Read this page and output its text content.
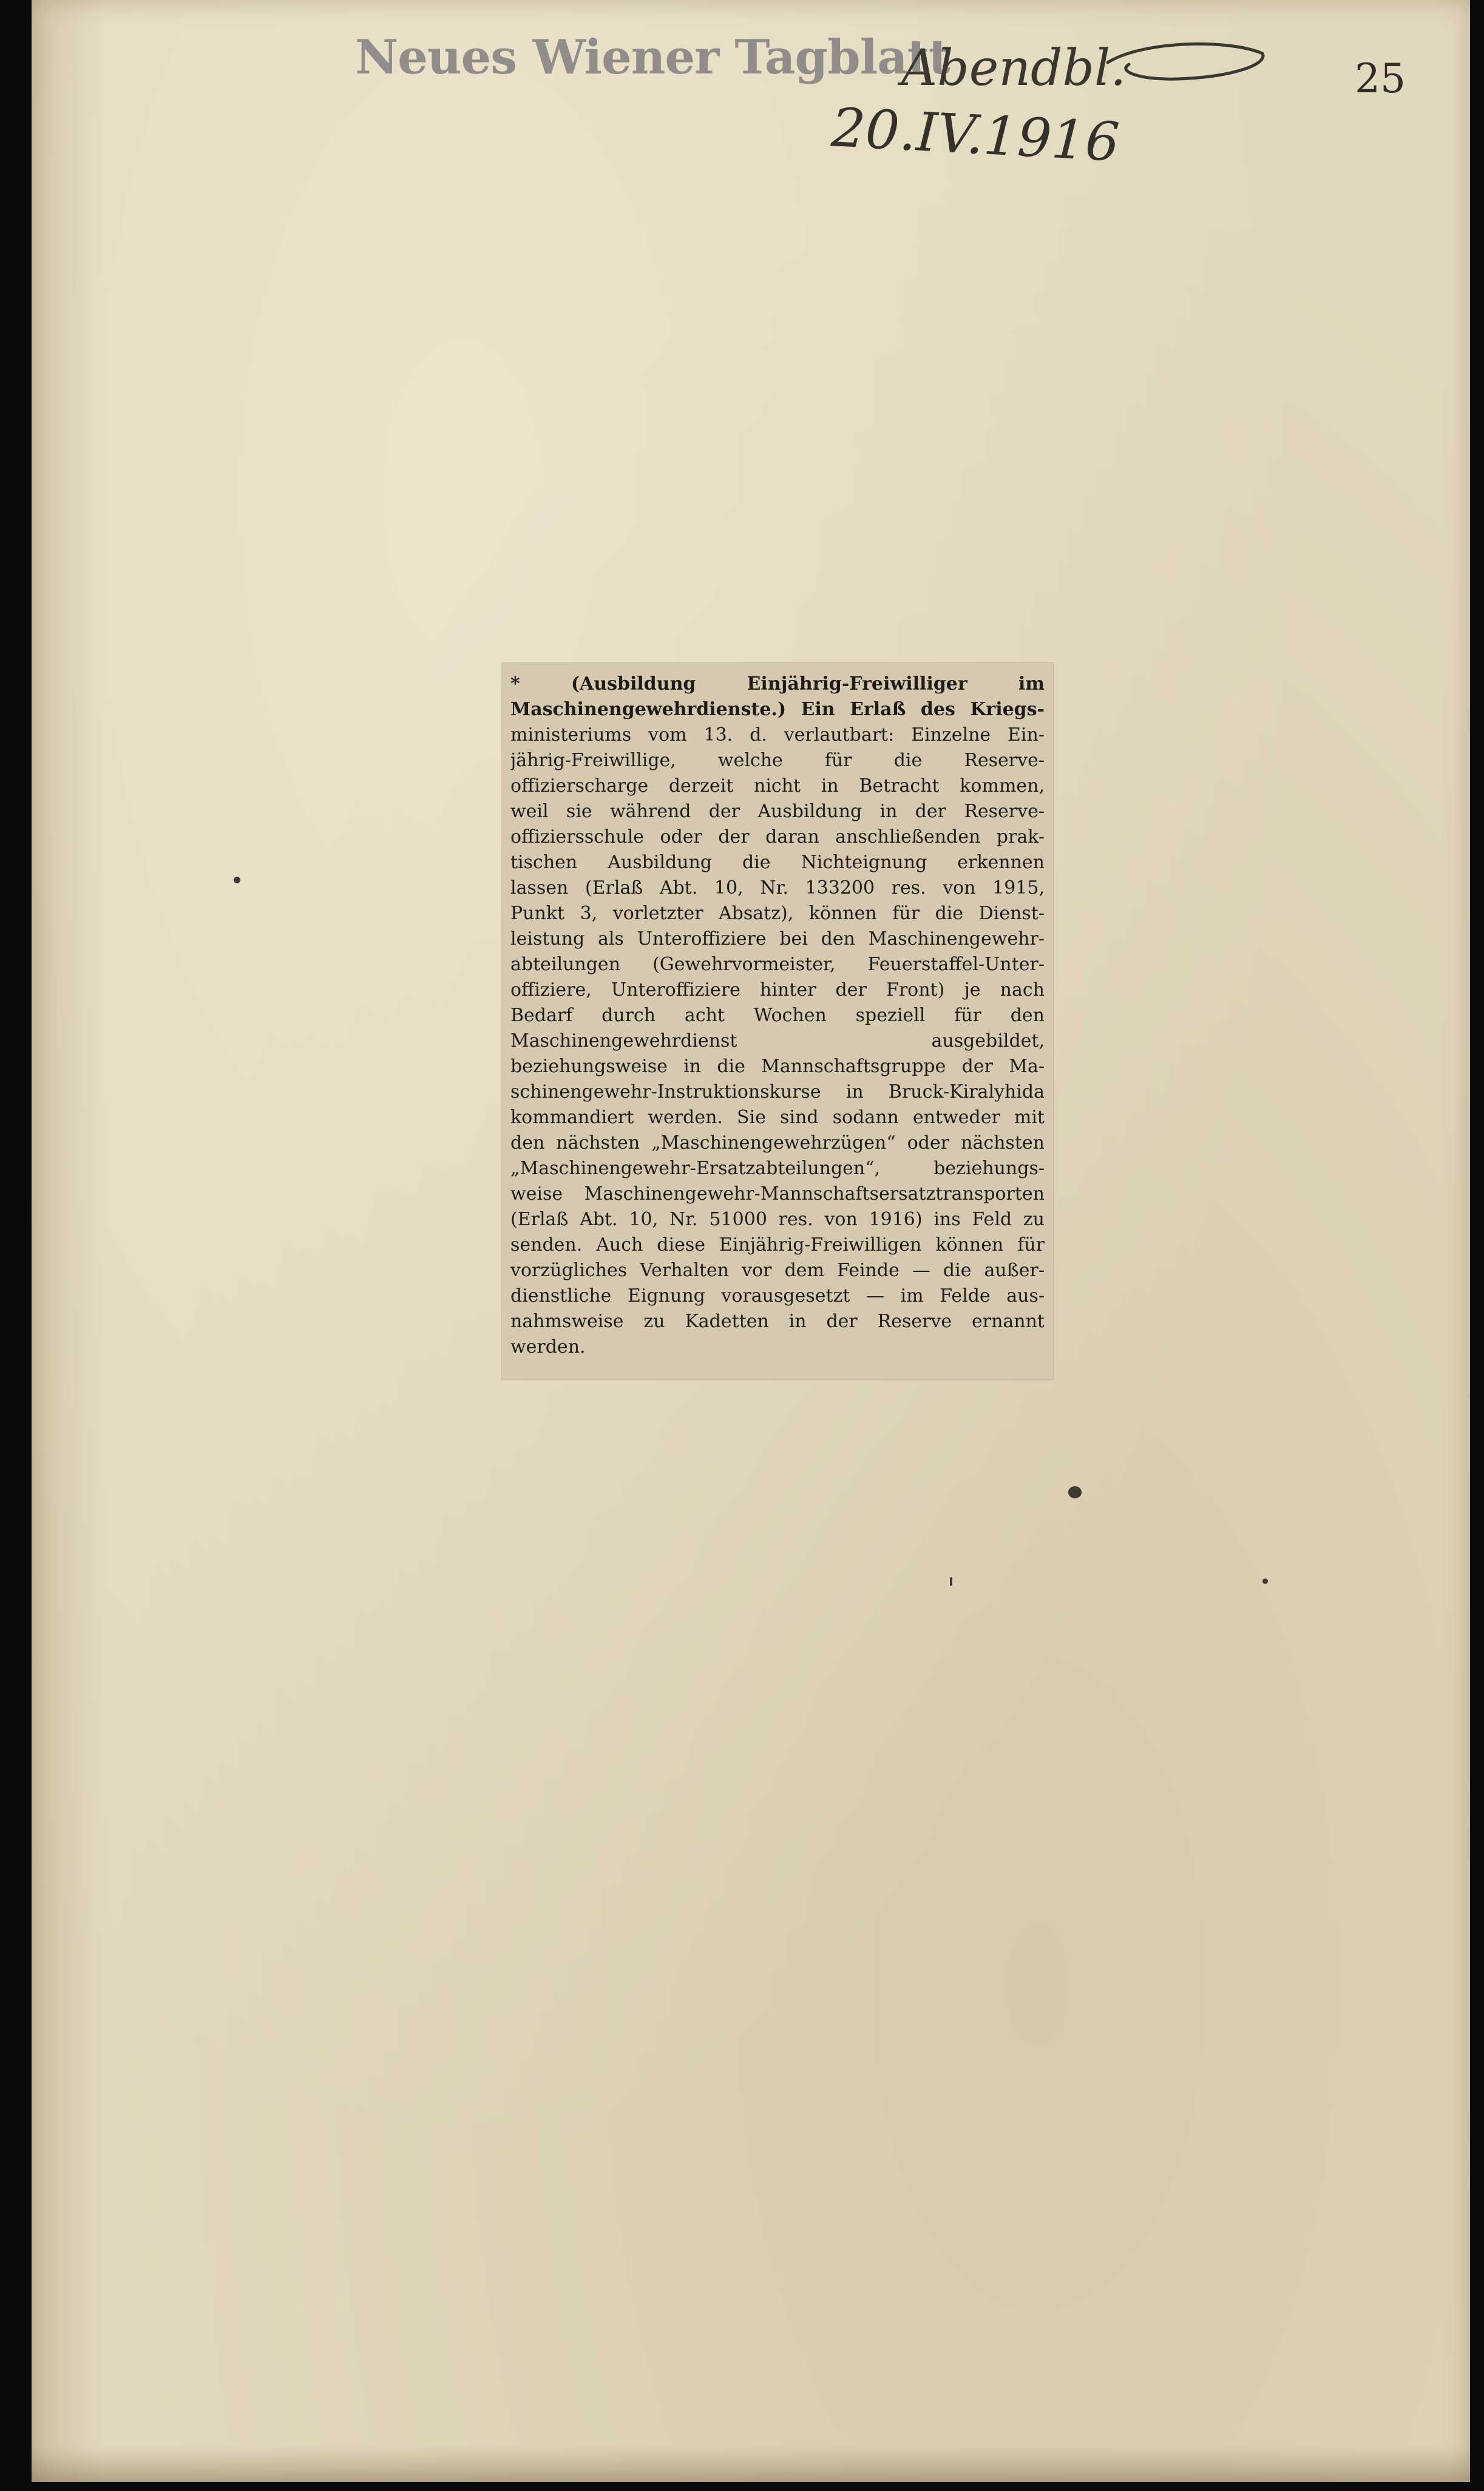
Neues Wiener Tagblatt
Abendbl.
20.IV.1916
25
* (Ausbildung Einjährig-Freiwilliger im
Maschinengewehrdienste.) Ein Erlaß des Kriegs-
ministeriums vom 13. d. verlautbart: Einzelne Ein-
jährig-Freiwillige, welche für die Reserve-
offizierscharge derzeit nicht in Betracht kommen,
weil sie während der Ausbildung in der Reserve-
offiziersschule oder der daran anschließenden prak-
tischen Ausbildung die Nichteignung erkennen
lassen (Erlaß Abt. 10, Nr. 133200 res. von 1915,
Punkt 3, vorletzter Absatz), können für die Dienst-
leistung als Unteroffiziere bei den Maschinengewehr-
abteilungen (Gewehrvormeister, Feuerstaffel-Unter-
offiziere, Unteroffiziere hinter der Front) je nach
Bedarf durch acht Wochen speziell für den
Maschinengewehrdienst ausgebildet,
beziehungsweise in die Mannschaftsgruppe der Ma-
schinengewehr-Instruktionskurse in Bruck-Kiralyhida
kommandiert werden. Sie sind sodann entweder mit
den nächsten „Maschinengewehrzügen“ oder nächsten
„Maschinengewehr-Ersatzabteilungen“, beziehungs-
weise Maschinengewehr-Mannschaftsersatztransporten
(Erlaß Abt. 10, Nr. 51000 res. von 1916) ins Feld zu
senden. Auch diese Einjährig-Freiwilligen können für
vorzügliches Verhalten vor dem Feinde — die außer-
dienstliche Eignung vorausgesetzt — im Felde aus-
nahmsweise zu Kadetten in der Reserve ernannt
werden.
